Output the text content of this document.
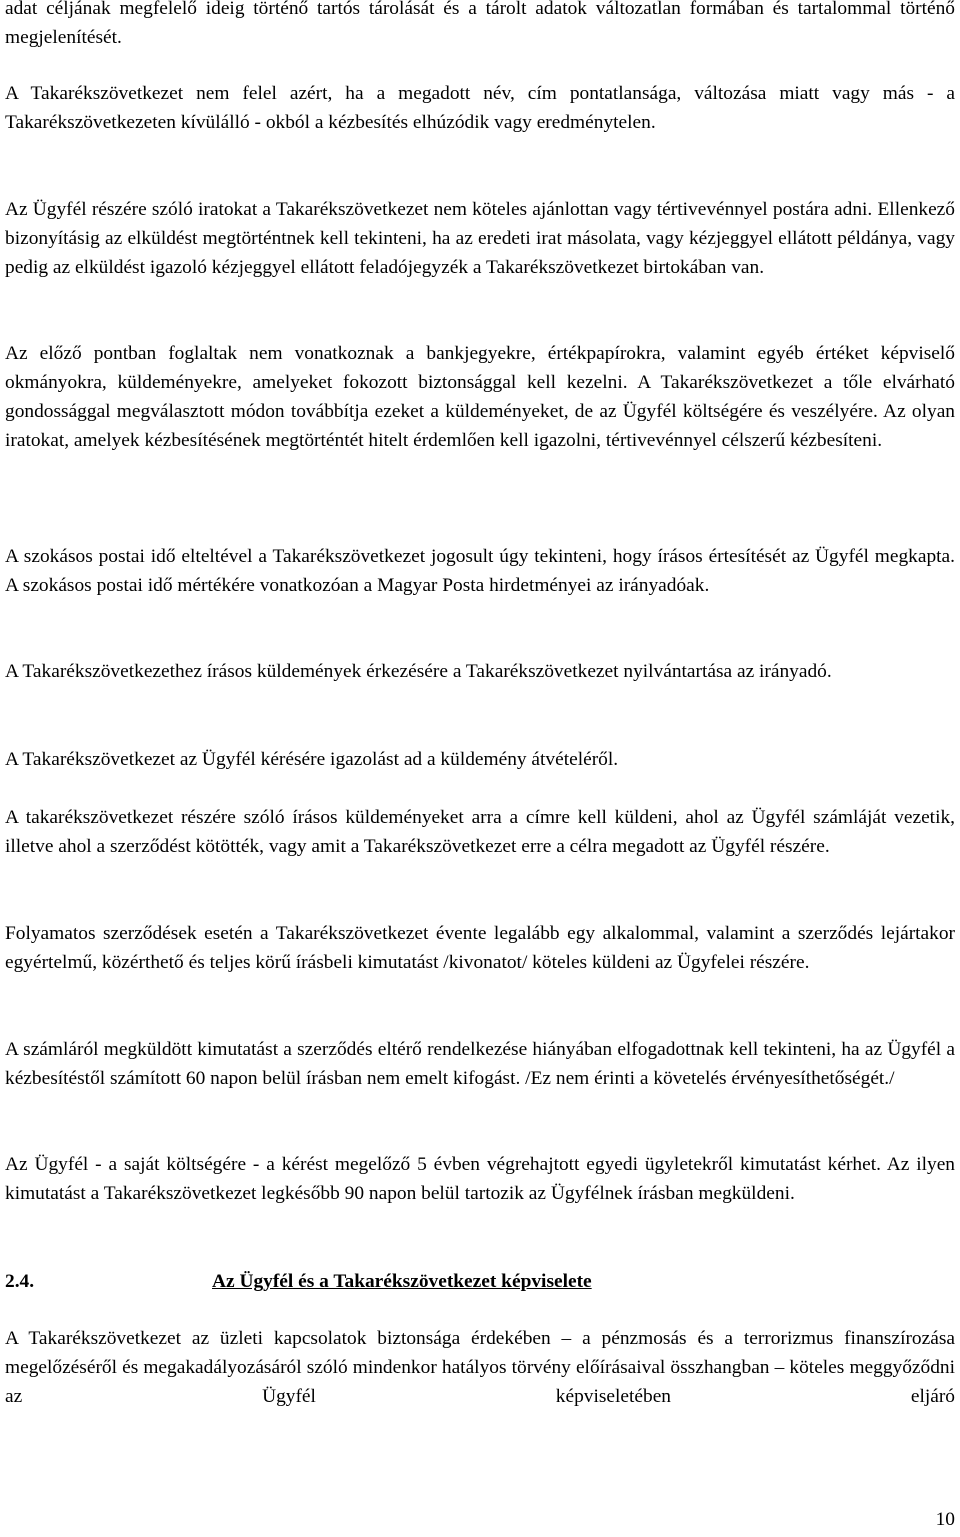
adat céljának megfelelő ideig történő tartós tárolását és a tárolt adatok változatlan formában és tartalommal történő megjelenítését.

A Takarékszövetkezet nem felel azért, ha a megadott név, cím pontatlansága, változása miatt vagy más - a Takarékszövetkezeten kívülálló - okból a kézbesítés elhúzódik vagy eredménytelen.

Az Ügyfél részére szóló iratokat a Takarékszövetkezet nem köteles ajánlottan vagy tértivevénnyel postára adni. Ellenkező bizonyításig az elküldést megtörténtnek kell tekinteni, ha az eredeti irat másolata, vagy kézjeggyel ellátott példánya, vagy pedig az elküldést igazoló kézjeggyel ellátott feladójegyzék a Takarékszövetkezet birtokában van.

Az előző pontban foglaltak nem vonatkoznak a bankjegyekre, értékpapírokra, valamint egyéb értéket képviselő okmányokra, küldeményekre, amelyeket fokozott biztonsággal kell kezelni. A Takarékszövetkezet a tőle elvárható gondossággal megválasztott módon továbbítja ezeket a küldeményeket, de az Ügyfél költségére és veszélyére. Az olyan iratokat, amelyek kézbesítésének megtörténtét hitelt érdemlően kell igazolni, tértivevénnyel célszerű kézbesíteni.

A szokásos postai idő elteltével a Takarékszövetkezet jogosult úgy tekinteni, hogy írásos értesítését az Ügyfél megkapta. A szokásos postai idő mértékére vonatkozóan a Magyar Posta hirdetményei az irányadóak.

A Takarékszövetkezethez írásos küldemények érkezésére a Takarékszövetkezet nyilvántartása az irányadó.

A Takarékszövetkezet az Ügyfél kérésére igazolást ad a küldemény átvételéről.

A takarékszövetkezet részére szóló írásos küldeményeket arra a címre kell küldeni, ahol az Ügyfél számláját vezetik, illetve ahol a szerződést kötötték, vagy amit a Takarékszövetkezet erre a célra megadott az Ügyfél részére.

Folyamatos szerződések esetén a Takarékszövetkezet évente legalább egy alkalommal, valamint a szerződés lejártakor egyértelmű, közérthető és teljes körű írásbeli kimutatást /kivonatot/ köteles küldeni az Ügyfelei részére.

A számláról megküldött kimutatást a szerződés eltérő rendelkezése hiányában elfogadottnak kell tekinteni, ha az Ügyfél a kézbesítéstől számított 60 napon belül írásban nem emelt kifogást. /Ez nem érinti a követelés érvényesíthetőségét./

Az Ügyfél - a saját költségére - a kérést megelőző 5 évben végrehajtott egyedi ügyletekről kimutatást kérhet. Az ilyen kimutatást a Takarékszövetkezet legkésőbb 90 napon belül tartozik az Ügyfélnek írásban megküldeni.

2.4.	Az Ügyfél és a Takarékszövetkezet képviselete

A Takarékszövetkezet az üzleti kapcsolatok biztonsága érdekében – a pénzmosás és a terrorizmus finanszírozása megelőzéséről és megakadályozásáról szóló mindenkor hatályos törvény előírásaival összhangban – köteles meggyőződni az Ügyfél képviseletében eljáró

10
